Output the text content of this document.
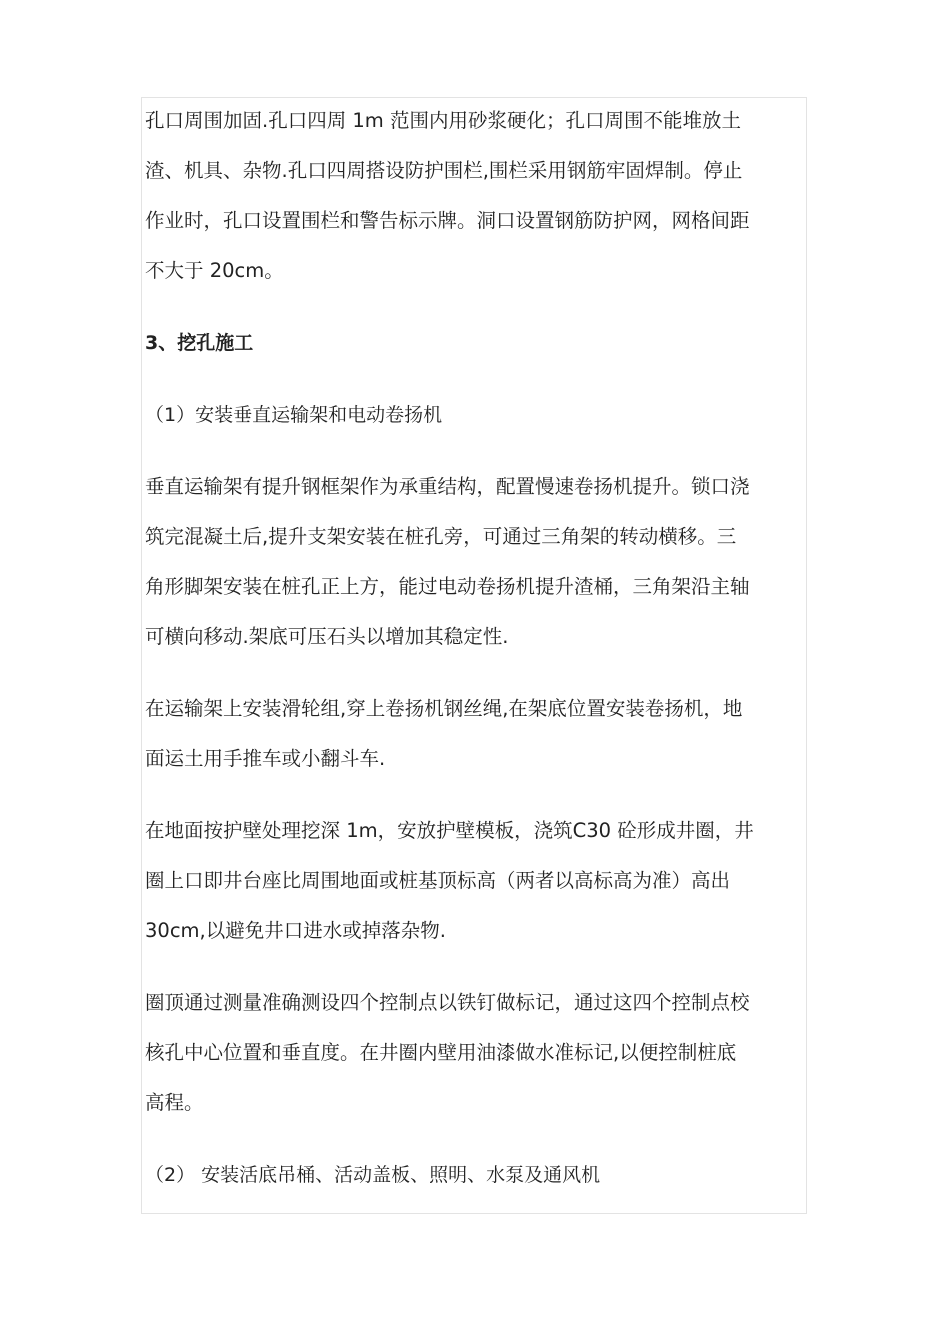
孔口周围加固.孔口四周 1m 范围内用砂浆硬化；孔口周围不能堆放土
渣、机具、杂物.孔口四周搭设防护围栏,围栏采用钢筋牢固焊制。停止
作业时，孔口设置围栏和警告标示牌。洞口设置钢筋防护网，网格间距
不大于 20cm。
3、挖孔施工
（1）安装垂直运输架和电动卷扬机
垂直运输架有提升钢框架作为承重结构，配置慢速卷扬机提升。锁口浇
筑完混凝土后,提升支架安装在桩孔旁，可通过三角架的转动横移。三
角形脚架安装在桩孔正上方，能过电动卷扬机提升渣桶，三角架沿主轴
可横向移动.架底可压石头以增加其稳定性.
在运输架上安装滑轮组,穿上卷扬机钢丝绳,在架底位置安装卷扬机，地
面运土用手推车或小翻斗车.
在地面按护壁处理挖深 1m，安放护壁模板，浇筑C30 砼形成井圈，井
圈上口即井台座比周围地面或桩基顶标高（两者以高标高为准）高出
30cm,以避免井口进水或掉落杂物.
圈顶通过测量准确测设四个控制点以铁钉做标记，通过这四个控制点校
核孔中心位置和垂直度。在井圈内壁用油漆做水准标记,以便控制桩底
高程。
（2） 安装活底吊桶、活动盖板、照明、水泵及通风机
